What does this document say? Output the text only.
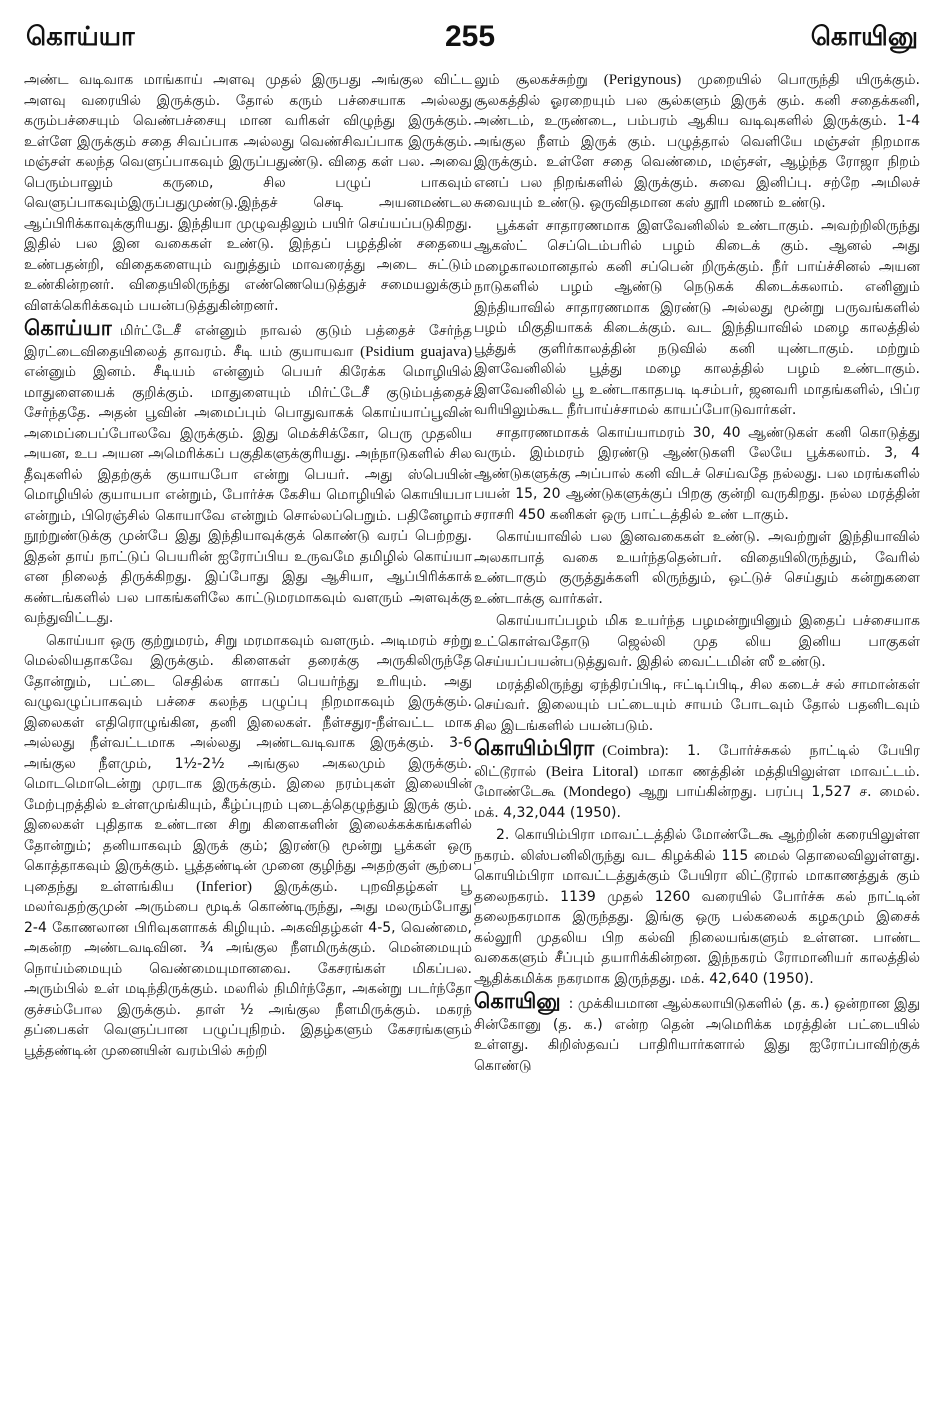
கொய்யா	255	கொயினு

அண்ட வடிவாக மாங்காய் அளவு முதல் இருபது அங்குல விட்ட அளவு வரையில் இருக்கும். தோல் கரும் பச்சையாக அல்லது கரும்பச்சையும் வெண்பச்சையு மான வரிகள் விழுந்து இருக்கும். உள்ளே இருக்கும் சதை சிவப்பாக அல்லது வெண்சிவப்பாக இருக்கும். மஞ்சள் கலந்த வெளுப்பாகவும் இருப்பதுண்டு. விதை கள் பல. அவை பெரும்பாலும் கருமை, சில பழுப் பாகவும் வெளுப்பாகவும்இருப்பதுமுண்டு.இந்தச் செடி அயனமண்டல ஆப்பிரிக்காவுக்குரியது. இந்தியா முழுவதிலும் பயிர் செய்யப்படுகிறது. இதில் பல இன வகைகள் உண்டு. இந்தப் பழத்தின் சதையை உண்பதன்றி, விதைகளையும் வறுத்தும் மாவரைத்து அடை சுட்டும் உண்கின்றனர். விதையிலிருந்து எண்ணெயெடுத்துச் சமையலுக்கும் விளக்கெரிக்கவும் பயன்படுத்துகின்றனர்.

கொய்யா மிர்ட்டேசீ என்னும் நாவல் குடும் பத்தைச் சேர்ந்த இரட்டைவிதையிலைத் தாவரம். சீடி யம் குயாயவா (Psidium guajava) என்னும் இனம். சீடியம் என்னும் பெயர் கிரேக்க மொழியில் மாதுளையைக் குறிக்கும். மாதுளையும் மிர்ட்டேசீ குடும்பத்தைச் சேர்ந்ததே. அதன் பூவின் அமைப்பும் பொதுவாகக் கொய்யாப்பூவின் அமைப்பைப்போலவே இருக்கும். இது மெக்சிக்கோ, பெரு முதலிய அயன, உப அயன அமெரிக்கப் பகுதிகளுக்குரியது. அந்நாடுகளில் சில தீவுகளில் இதற்குக் குயாயபோ என்று பெயர். அது ஸ்பெயின் மொழியில் குயாயபா என்றும், போர்ச்சு கேசிய மொழியில் கொயியபா என்றும், பிரெஞ்சில் கொயாவே என்றும் சொல்லப்பெறும். பதினேழாம் நூற்றுண்டுக்கு முன்பே இது இந்தியாவுக்குக் கொண்டு வரப் பெற்றது. இதன் தாய் நாட்டுப் பெயரின் ஐரோப்பிய உருவமே தமிழில் கொய்யா என நிலைத் திருக்கிறது. இப்போது இது ஆசியா, ஆப்பிரிக்காக் கண்டங்களில் பல பாகங்களிலே காட்டுமரமாகவும் வளரும் அளவுக்கு வந்துவிட்டது.

கொய்யா ஒரு குற்றுமரம், சிறு மரமாகவும் வளரும். அடிமரம் சற்று மெல்லியதாகவே இருக்கும். கிளைகள் தரைக்கு அருகிலிருந்தே தோன்றும், பட்டை செதில்க ளாகப் பெயர்ந்து உரியும். அது வழுவழுப்பாகவும் பச்சை கலந்த பழுப்பு நிறமாகவும் இருக்கும். இலைகள் எதிரொழுங்கின, தனி இலைகள். நீள்சதுர-நீள்வட்ட மாக அல்லது நீள்வட்டமாக அல்லது அண்டவடிவாக இருக்கும். 3-6 அங்குல நீளமும், 1½-2½ அங்குல அகலமும் இருக்கும். மொடமொடென்று முரடாக இருக்கும். இலை நரம்புகள் இலையின் மேற்புறத்தில் உள்ளமுங்கியும், கீழ்ப்புறம் புடைத்தெழுந்தும் இருக் கும். இலைகள் புதிதாக உண்டான சிறு கிளைகளின் இலைக்கக்கங்களில் தோன்றும்; தனியாகவும் இருக் கும்; இரண்டு மூன்று பூக்கள் ஒரு கொத்தாகவும் இருக்கும். பூத்தண்டின் முனை குழிந்து அதற்குள் சூற்பை புதைந்து உள்ளங்கிய (Inferior) இருக்கும். புறவிதழ்கள் பூ மலர்வதற்குமுன் அரும்பை மூடிக் கொண்டிருந்து, அது மலரும்போது 2-4 கோணலான பிரிவுகளாகக் கிழியும். அகவிதழ்கள் 4-5, வெண்மை, அகன்ற அண்டவடிவின. ¾ அங்குல நீளமிருக்கும். மென்மையும் நொய்ம்மையும் வெண்மையுமானவை. கேசரங்கள் மிகப்பல. அரும்பில் உள் மடிந்திருக்கும். மலரில் நிமிர்ந்தோ, அகன்று படர்ந்தோ குச்சம்போல இருக்கும். தாள் ½ அங்குல நீளமிருக்கும். மகரந் தப்பைகள் வெளுப்பான பழுப்புநிறம். இதழ்களும் கேசரங்களும் பூத்தண்டின் முனையின் வரம்பில் சுற்றி

லும் சூலகச்சுற்று (Perigynous) முறையில் பொருந்தி யிருக்கும். சூலகத்தில் ஓரறையும் பல சூல்களும் இருக் கும். கனி சதைக்கனி, அண்டம், உருண்டை, பம்பரம் ஆகிய வடிவுகளில் இருக்கும். 1-4 அங்குல நீளம் இருக் கும். பழுத்தால் வெளியே மஞ்சள் நிறமாக இருக்கும். உள்ளே சதை வெண்மை, மஞ்சள், ஆழ்ந்த ரோஜா நிறம் எனப் பல நிறங்களில் இருக்கும். சுவை இனிப்பு. சற்றே அமிலச் சுவையும் உண்டு. ஒருவிதமான கஸ் தூரி மணம் உண்டு.

பூக்கள் சாதாரணமாக இளவேனிலில் உண்டாகும். அவற்றிலிருந்து ஆகஸ்ட் செப்டெம்பரில் பழம் கிடைக் கும். ஆனல் அது மழைகாலமானதால் கனி சப்பென் றிருக்கும். நீர் பாய்ச்சினல் அயன நாடுகளில் பழம் ஆண்டு நெடுகக் கிடைக்கலாம். எனினும் இந்தியாவில் சாதாரணமாக இரண்டு அல்லது மூன்று பருவங்களில் பழம் மிகுதியாகக் கிடைக்கும். வட இந்தியாவில் மழை காலத்தில் பூத்துக் குளிர்காலத்தின் நடுவில் கனி யுண்டாகும். மற்றும் இளவேனிலில் பூத்து மழை காலத்தில் பழம் உண்டாகும். இளவேனிலில் பூ உண்டாகாதபடி டிசம்பர், ஜனவரி மாதங்களில், பிப்ர வரியிலும்கூட நீர்பாய்ச்சாமல் காயப்போடுவார்கள்.

சாதாரணமாகக் கொய்யாமரம் 30, 40 ஆண்டுகள் கனி கொடுத்து வரும். இம்மரம் இரண்டு ஆண்டுகளி லேயே பூக்கலாம். 3, 4 ஆண்டுகளுக்கு அப்பால் கனி விடச் செய்வதே நல்லது. பல மரங்களில் பயன் 15, 20 ஆண்டுகளுக்குப் பிறகு குன்றி வருகிறது. நல்ல மரத்தின் சராசரி 450 கனிகள் ஒரு பாட்டத்தில் உண் டாகும்.

கொய்யாவில் பல இனவகைகள் உண்டு. அவற்றுள் இந்தியாவில் அலகாபாத் வகை உயர்ந்ததென்பர். விதையிலிருந்தும், வேரில் உண்டாகும் குருத்துக்களி லிருந்தும், ஒட்டுச் செய்தும் கன்றுகளை உண்டாக்கு வார்கள்.

கொய்யாப்பழம் மிக உயர்ந்த பழமன்றுயினும் இதைப் பச்சையாக உட்கொள்வதோடு ஜெல்லி முத லிய இனிய பாகுகள் செய்யப்பயன்படுத்துவர். இதில் வைட்டமின் ஸீ உண்டு.

மரத்திலிருந்து ஏந்திரப்பிடி, ஈட்டிப்பிடி, சில கடைச் சல் சாமான்கள் செய்வர். இலையும் பட்டையும் சாயம் போடவும் தோல் பதனிடவும் சில இடங்களில் பயன்படும்.

கொயிம்பிரா (Coimbra): 1. போர்ச்சுகல் நாட்டில் பேயிர லிட்டூரால் (Beira Litoral) மாகா ணத்தின் மத்தியிலுள்ள மாவட்டம். மோண்டேகூ (Mondego) ஆறு பாய்கின்றது. பரப்பு 1,527 ச. மைல். மக். 4,32,044 (1950).

2. கொயிம்பிரா மாவட்டத்தில் மோண்டேகூ ஆற்றின் கரையிலுள்ள நகரம். லிஸ்பனிலிருந்து வட கிழக்கில் 115 மைல் தொலைவிலுள்ளது. கொயிம்பிரா மாவட்டத்துக்கும் பேயிரா லிட்டூரால் மாகாணத்துக் கும் தலைநகரம். 1139 முதல் 1260 வரையில் போர்ச்சு கல் நாட்டின் தலைநகரமாக இருந்தது. இங்கு ஒரு பல்கலைக் கழகமும் இசைக் கல்லூரி முதலிய பிற கல்வி நிலையங்களும் உள்ளன. பாண்ட வகைகளும் சீப்பும் தயாரிக்கின்றன. இந்நகரம் ரோமானியர் காலத்தில் ஆதிக்கமிக்க நகரமாக இருந்தது. மக். 42,640 (1950).

கொயினு : முக்கியமான ஆல்கலாயிடுகளில் (த. க.) ஒன்றான இது சின்கோனு (த. க.) என்ற தென் அமெரிக்க மரத்தின் பட்டையில் உள்ளது. கிறிஸ்தவப் பாதிரியார்களால் இது ஐரோப்பாவிற்குக் கொண்டு
